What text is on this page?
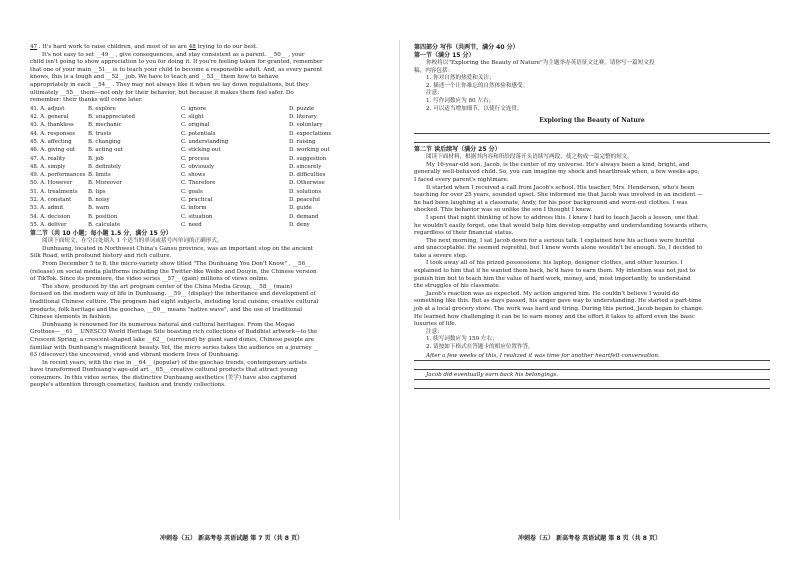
47 . It's hard work to raise children, and most of us are 48 trying to do our best.

It's not easy to set __49__ , give consequences, and stay consistent as a parent. __50__ , your

child isn't going to show appreciation to you for doing it. If you're feeling taken for granted, remember

that one of your main __51__ is to teach your child to become a responsible adult. And, as every parent

knows, this is a tough and __52__ job. We have to teach and __53__ them how to behave

appropriately in each __54__ . They may not always like it when we lay down regulations, but they

ultimately __55__ them—not only for their behavior, but because it makes them feel safer. Do

remember: their thanks will come later.

41. A. adjust	B. explore	C. ignore	D. puzzle
42. A. general	B. unappreciated	C. slight	D. literary
43. A. thankless	B. mechanic	C. original	D. voluntary
44. A. responses	B. trusts	C. potentials	D. expectations
45. A. affecting	B. changing	C. understanding	D. raising
46. A. giving out	B. acting out	C. sticking out	D. working out
47. A. reality	B. job	C. process	D. suggestion
48. A. simply	B. definitely	C. obviously	D. sincerely
49. A. performances B. limits	C. shows	D. difficulties
50. A. However	B. Moreover	C. Therefore	D. Otherwise
51. A. treatments	B. tips	C. goals	D. solutions
52. A. constant	B. noisy	C. practical	D. peaceful
53. A. admit	B. warn	C. inform	D. guide
54. A. decision	B. position	C. situation	D. demand
55. A. deliver	B. calculate	C. need	D. deny

第二节（共 10 小题；每小题 1.5 分，满分 15 分）

阅读下面短文，在空白处填入 1 个适当的单词或括号内单词的正确形式。

Dunhuang, located in Northwest China's Gansu province, was an important stop on the ancient

Silk Road, with profound history and rich culture.

From December 5 to 8, the micro-variety show titled "The Dunhuang You Don't Know" , __56__

(release) on social media platforms including the Twitter-like Weibo and Douyin, the Chinese version

of TikTok. Since its premiere, the video series __57__ (gain) millions of views online.

The show, produced by the art program center of the China Media Group, __58__ (main)

focused on the modern way of life in Dunhuang. __59__ (display) the inheritance and development of

traditional Chinese culture. The program had eight subjects, including local cuisine, creative cultural

products, folk heritage and the guochao, __60__ means "native wave", and the use of traditional

Chinese elements in fashion.

Dunhuang is renowned for its numerous natural and cultural heritages. From the Mogao

Grottoes—__61__ UNESCO World Heritage Site boasting rich collections of Buddhist artwork—to the

Crescent Spring, a crescent-shaped lake __62__ (surround) by giant sand dunes, Chinese people are

familiar with Dunhuang's magnificent beauty. Yet, the micro series takes the audience on a journey __

63 (discover) the uncovered, vivid and vibrant modern lives of Dunhuang.

In recent years, with the rise in __64__ (popular) of the guochao trends, contemporary artists

have transformed Dunhuang's age-old art __65__ creative cultural products that attract young

consumers. In this video series, the distinctive Dunhuang aesthetics (美学) have also captured

people's attention through cosmetics, fashion and trendy collections.

冲刺卷（五） 新高考卷 英语试题 第 7 页（共 8 页）

第四部分 写作（共两节，满分 40 分）

第一节（满分 15 分）

你校将以"Exploring the Beauty of Nature"为主题举办英语征文比赛。请你写一篇短文投

稿，内容包括：

1. 你对自然的热爱和关注；

2. 描述一个让你难忘的自然体验和感受。

注意：

1. 写作词数应为 80 左右；

2. 可以适当增加细节，以使行文连贯。

Exploring the Beauty of Nature

第二节 读后续写（满分 25 分）

阅读下面材料，根据其内容和所给段落开头语续写两段，使之构成一篇完整的短文。

My 16-year-old son, Jacob, is the center of my universe. He's always been a kind, bright, and

generally well-behaved child. So, you can imagine my shock and heartbreak when, a few weeks ago,

I faced every parent's nightmare.

It started when I received a call from Jacob's school. His teacher, Mrs. Henderson, who's been

teaching for over 25 years, sounded upset. She informed me that Jacob was involved in an incident —

he had been laughing at a classmate, Andy, for his poor background and worn-out clothes. I was

shocked. This behavior was so unlike the son I thought I knew.

I spent that night thinking of how to address this. I knew I had to teach Jacob a lesson, one that

he wouldn't easily forget, one that would help him develop empathy and understanding towards others,

regardless of their financial status.

The next morning, I sat Jacob down for a serious talk. I explained how his actions were hurtful

and unacceptable. He seemed regretful, but I knew words alone wouldn't be enough. So, I decided to

take a severe step.

I took away all of his prized possessions: his laptop, designer clothes, and other luxuries. I

explained to him that if he wanted them back, he'd have to earn them. My intention was not just to

punish him but to teach him the value of hard work, money, and, most importantly, to understand

the struggles of his classmate.

Jacob's reaction was as expected. My action angered him. He couldn't believe I would do

something like this. But as days passed, his anger gave way to understanding. He started a part-time

job at a local grocery store. The work was hard and tiring. During this period, Jacob began to change.

He learned how challenging it can be to earn money and the effort it takes to afford even the basic

luxuries of life.

注意：

1. 续写词数应为 150 左右；

2. 请按如下格式在答题卡的相应位置作答。

After a few weeks of this, I realized it was time for another heartfelt conversation.
Jacob did eventually earn back his belongings.
冲刺卷（五） 新高考卷 英语试题 第 8 页（共 8 页）
